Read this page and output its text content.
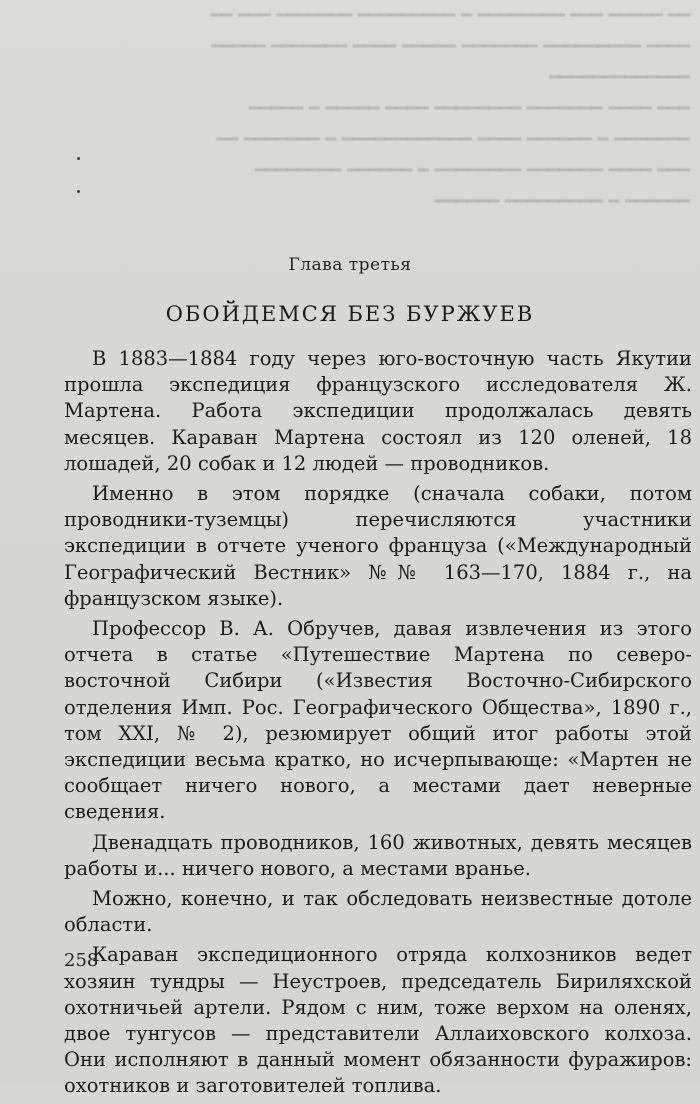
━━ ━━━━━ ━━━ ━━━━━━━━ ━ ━━━━━━━━━ ━━━━━━━ ━━━ ━━
━━━━ ━━━━━━━━━ ━━━━━━━ ━━━━━ ━━━━ ━━━━━━━ ━━━━━
━━━━━━━━━━━━━
━━━ ━━━━ ━━━━━━━ ━━━━━━━━ ━━━━ ━━━━━ ━ ━━━━━
━━━━━━━ ━ ━━━━━━ ━━━━ ━━━━━━━━━━━━ ━ ━━━━━━━ ━━
━━━ ━━━━ ━━━━━━━ ━━━━━━━━ ━ ━━━━━━ ━━━━━━━━
━━━━━━ ━ ━━━━━━━━━ ━━━━━━
Глава третья
ОБОЙДЕМСЯ БЕЗ БУРЖУЕВ

В 1883—1884 году через юго-восточную часть Якутии прошла экспедиция французского исследователя Ж. Мартена. Работа экспедиции продолжалась девять месяцев. Караван Мартена состоял из 120 оленей, 18 лошадей, 20 собак и 12 людей — проводников.

Именно в этом порядке (сначала собаки, потом проводники-туземцы) перечисляются участники экспедиции в отчете ученого француза («Международный Географический Вестник» №№ 163—170, 1884 г., на французском языке).

Профессор В. А. Обручев, давая извлечения из этого отчета в статье «Путешествие Мартена по северо-восточной Сибири («Известия Восточно-Сибирского отделения Имп. Рос. Географического Общества», 1890 г., том XXI, № 2), резюмирует общий итог работы этой экспедиции весьма кратко, но исчерпывающе: «Мартен не сообщает ничего нового, а местами дает неверные сведения.

Двенадцать проводников, 160 животных, девять месяцев работы и... ничего нового, а местами вранье.

Можно, конечно, и так обследовать неизвестные дотоле области.

Караван экспедиционного отряда колхозников ведет хозяин тундры — Неустроев, председатель Бириляхской охотничьей артели. Рядом с ним, тоже верхом на оленях, двое тунгусов — представители Аллаиховского колхоза. Они исполняют в данный момент обязанности фуражиров: охотников и заготовителей топлива.

258
